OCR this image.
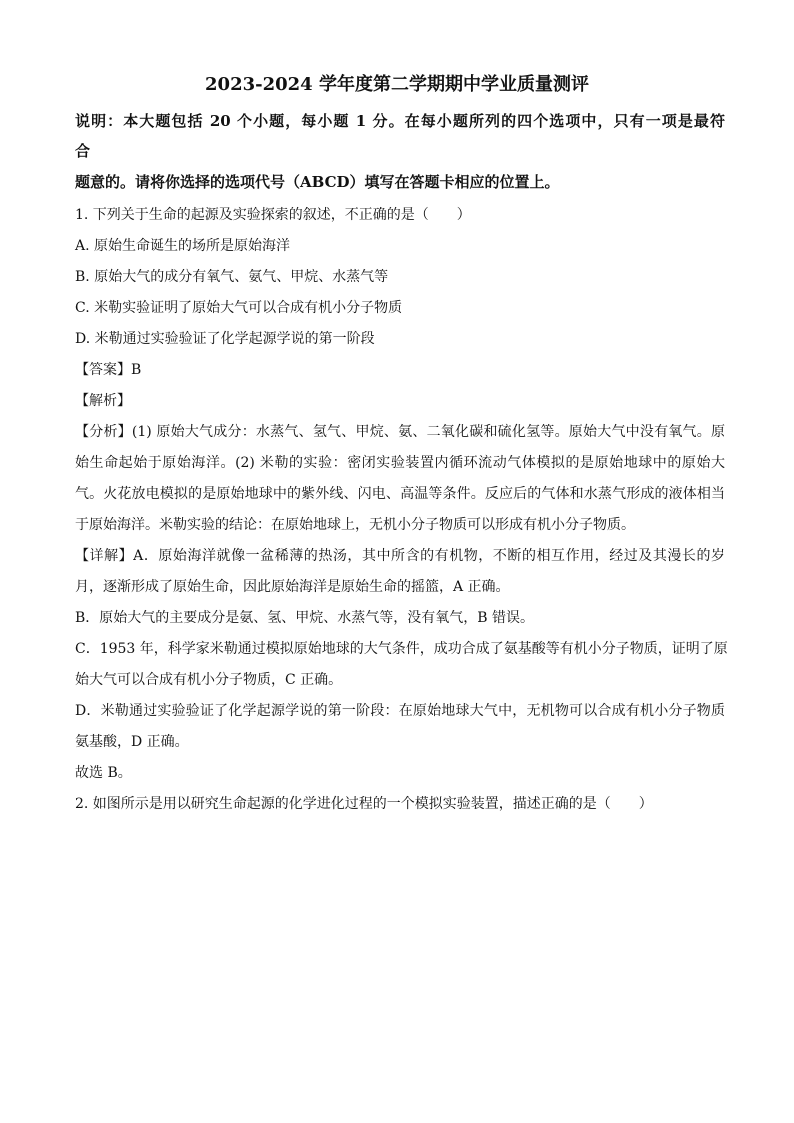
2023-2024 学年度第二学期期中学业质量测评
说明：本大题包括 20 个小题，每小题 1 分。在每小题所列的四个选项中，只有一项是最符
合
题意的。请将你选择的选项代号（ABCD）填写在答题卡相应的位置上。
1. 下列关于生命的起源及实验探索的叙述，不正确的是（　　）
A. 原始生命诞生的场所是原始海洋
B. 原始大气的成分有氧气、氨气、甲烷、水蒸气等
C. 米勒实验证明了原始大气可以合成有机小分子物质
D. 米勒通过实验验证了化学起源学说的第一阶段
【答案】B
【解析】
【分析】(1) 原始大气成分：水蒸气、氢气、甲烷、氨、二氧化碳和硫化氢等。原始大气中没有氧气。原
始生命起始于原始海洋。(2) 米勒的实验：密闭实验装置内循环流动气体模拟的是原始地球中的原始大
气。火花放电模拟的是原始地球中的紫外线、闪电、高温等条件。反应后的气体和水蒸气形成的液体相当
于原始海洋。米勒实验的结论：在原始地球上，无机小分子物质可以形成有机小分子物质。
【详解】A．原始海洋就像一盆稀薄的热汤，其中所含的有机物，不断的相互作用，经过及其漫长的岁
月，逐渐形成了原始生命，因此原始海洋是原始生命的摇篮，A 正确。
B．原始大气的主要成分是氨、氢、甲烷、水蒸气等，没有氧气，B 错误。
C．1953 年，科学家米勒通过模拟原始地球的大气条件，成功合成了氨基酸等有机小分子物质，证明了原
始大气可以合成有机小分子物质，C 正确。
D．米勒通过实验验证了化学起源学说的第一阶段：在原始地球大气中，无机物可以合成有机小分子物质
氨基酸，D 正确。
故选 B。
2. 如图所示是用以研究生命起源的化学进化过程的一个模拟实验装置，描述正确的是（　　）
